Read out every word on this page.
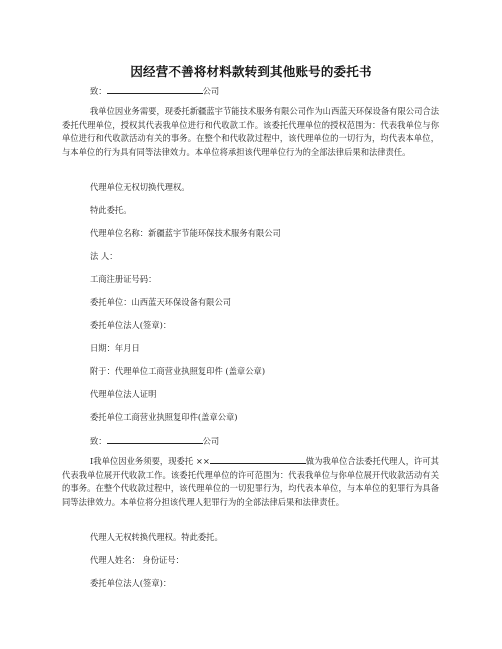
因经营不善将材料款转到其他账号的委托书
致：	公司
我单位因业务需要，现委托新疆蓝宇节能技术服务有限公司作为山西蓝天环保设备有限公司合法委托代理单位，授权其代表我单位进行和代收款工作。该委托代理单位的授权范围为：代表我单位与你单位进行和代收款活动有关的事务。在整个和代收款过程中，该代理单位的一切行为，均代表本单位，与本单位的行为具有同等法律效力。本单位将承担该代理单位行为的全部法律后果和法律责任。
代理单位无权切换代理权。
特此委托。
代理单位名称：新疆蓝宇节能环保技术服务有限公司
法 人：
工商注册证号码：
委托单位：山西蓝天环保设备有限公司
委托单位法人(签章)：
日期：年月日
附于：代理单位工商营业执照复印件 (盖章公章)
代理单位法人证明
委托单位工商营业执照复印件(盖章公章)
致：	公司
I我单位因业务须要，现委托 ××	做为我单位合法委托代理人，许可其代表我单位展开代收款工作。该委托代理单位的许可范围为：代表我单位与你单位展开代收款活动有关的事务。在整个代收款过程中，该代理单位的一切犯罪行为，均代表本单位，与本单位的犯罪行为具备同等法律效力。本单位将分担该代理人犯罪行为的全部法律后果和法律责任。
代理人无权转换代理权。特此委托。
代理人姓名： 身份证号：
委托单位法人(签章)：
